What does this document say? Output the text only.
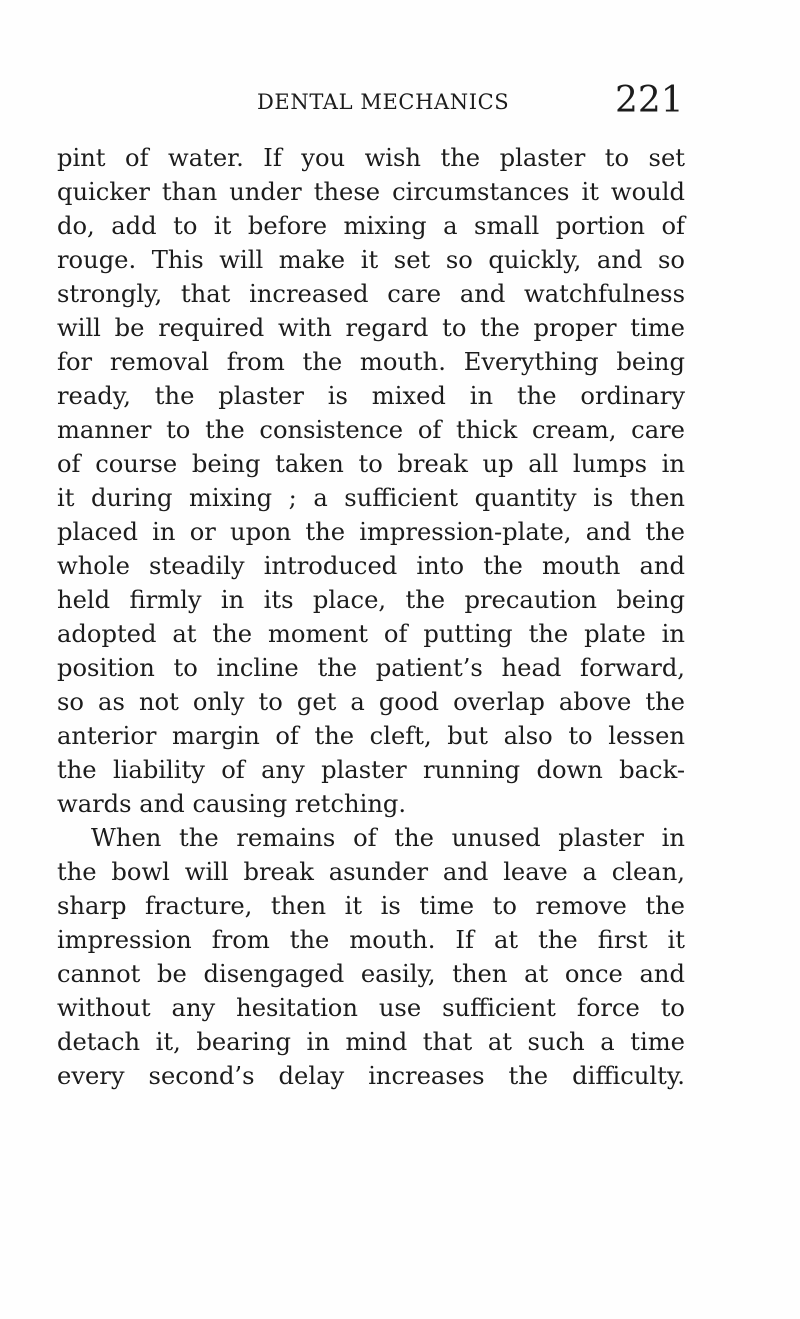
DENTAL MECHANICS	221
pint of water. If you wish the plaster to set
quicker than under these circumstances it would
do, add to it before mixing a small portion of
rouge. This will make it set so quickly, and so
strongly, that increased care and watchfulness
will be required with regard to the proper time
for removal from the mouth. Everything being
ready, the plaster is mixed in the ordinary
manner to the consistence of thick cream, care
of course being taken to break up all lumps in
it during mixing ; a sufficient quantity is then
placed in or upon the impression-plate, and the
whole steadily introduced into the mouth and
held firmly in its place, the precaution being
adopted at the moment of putting the plate in
position to incline the patient’s head forward,
so as not only to get a good overlap above the
anterior margin of the cleft, but also to lessen
the liability of any plaster running down back-
wards and causing retching.
When the remains of the unused plaster in
the bowl will break asunder and leave a clean,
sharp fracture, then it is time to remove the
impression from the mouth. If at the first it
cannot be disengaged easily, then at once and
without any hesitation use sufficient force to
detach it, bearing in mind that at such a time
every second’s delay increases the difficulty.
